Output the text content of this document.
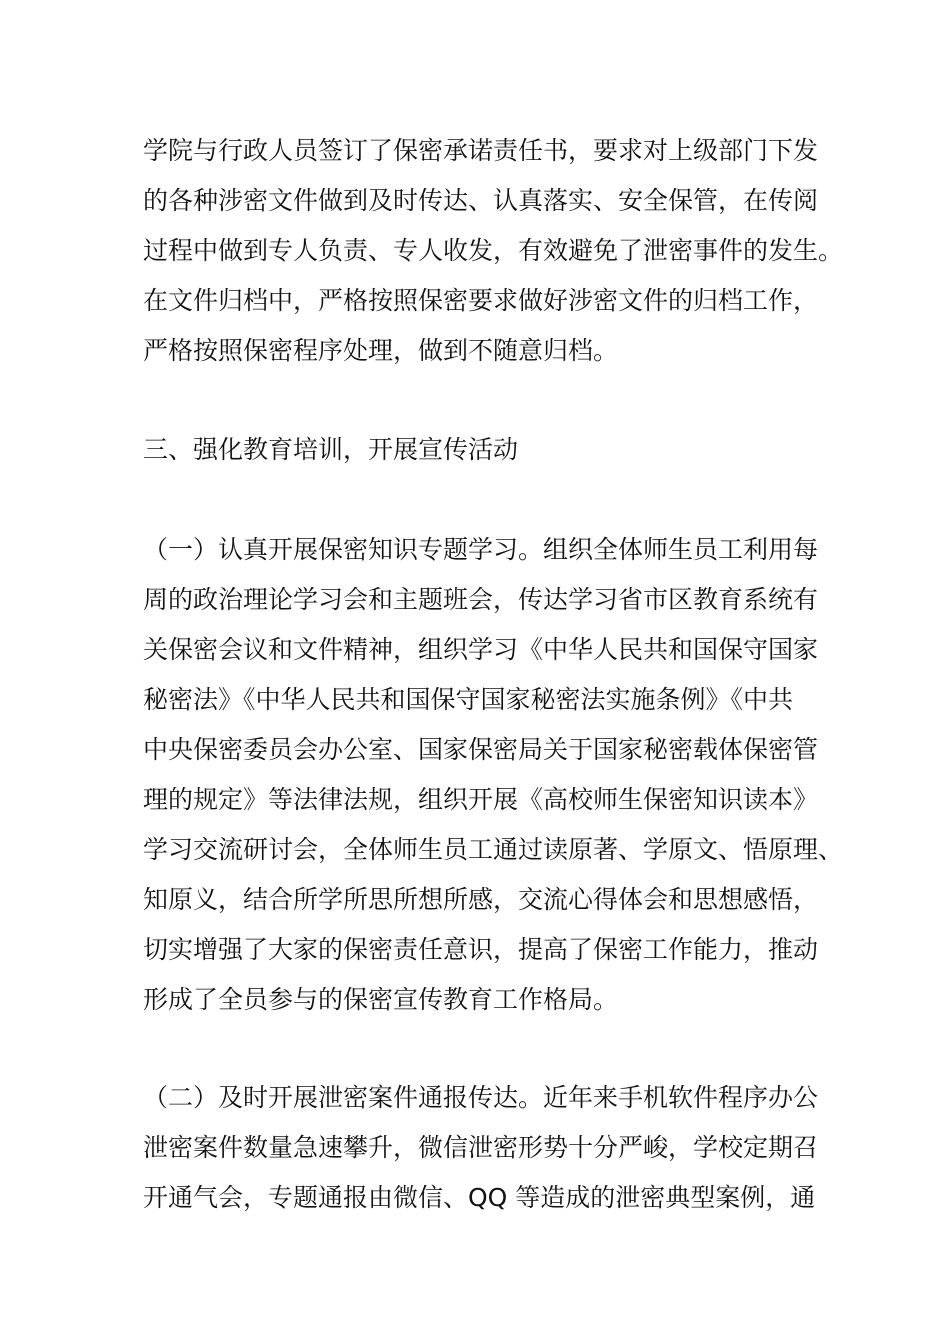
学院与行政人员签订了保密承诺责任书，要求对上级部门下发
的各种涉密文件做到及时传达、认真落实、安全保管，在传阅
过程中做到专人负责、专人收发，有效避免了泄密事件的发生。
在文件归档中，严格按照保密要求做好涉密文件的归档工作，
严格按照保密程序处理，做到不随意归档。
三、强化教育培训，开展宣传活动
（一）认真开展保密知识专题学习。组织全体师生员工利用每
周的政治理论学习会和主题班会，传达学习省市区教育系统有
关保密会议和文件精神，组织学习《中华人民共和国保守国家
秘密法》《中华人民共和国保守国家秘密法实施条例》《中共
中央保密委员会办公室、国家保密局关于国家秘密载体保密管
理的规定》等法律法规，组织开展《高校师生保密知识读本》
学习交流研讨会，全体师生员工通过读原著、学原文、悟原理、
知原义，结合所学所思所想所感，交流心得体会和思想感悟，
切实增强了大家的保密责任意识，提高了保密工作能力，推动
形成了全员参与的保密宣传教育工作格局。
（二）及时开展泄密案件通报传达。近年来手机软件程序办公
泄密案件数量急速攀升，微信泄密形势十分严峻，学校定期召
开通气会，专题通报由微信、QQ 等造成的泄密典型案例，通
